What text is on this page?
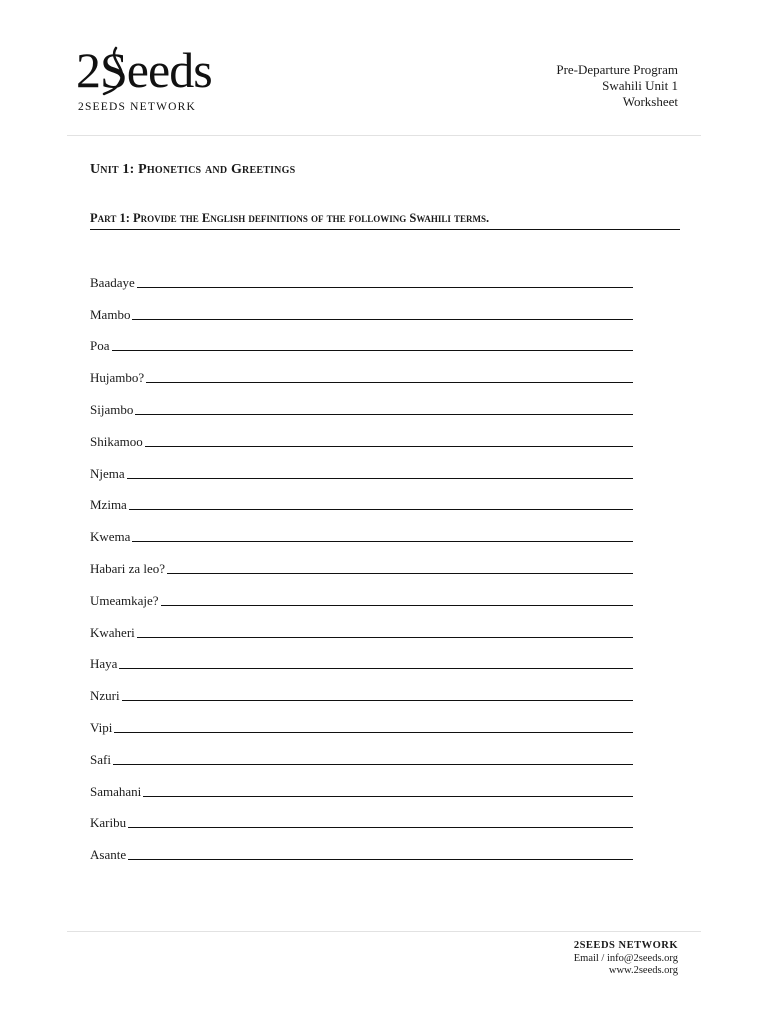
2Seeds
2SEEDS NETWORK
Pre-Departure Program
Swahili Unit 1
Worksheet
Unit 1: Phonetics and Greetings
Part 1: Provide the English definitions of the following Swahili terms.
Baadaye
Mambo
Poa
Hujambo?
Sijambo
Shikamoo
Njema
Mzima
Kwema
Habari za leo?
Umeamkaje?
Kwaheri
Haya
Nzuri
Vipi
Safi
Samahani
Karibu
Asante
2SEEDS NETWORK
Email / info@2seeds.org
www.2seeds.org
